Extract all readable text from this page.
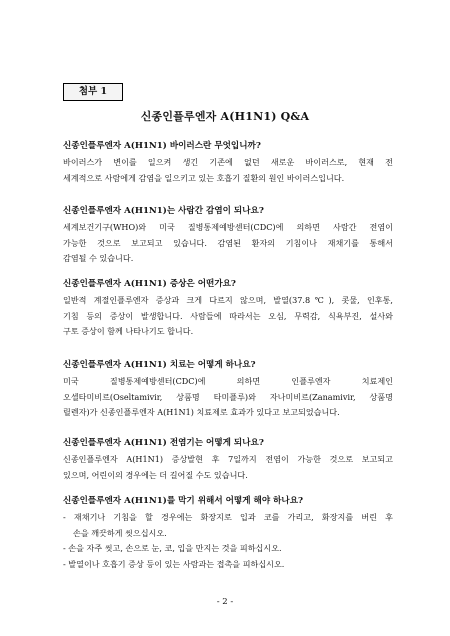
첨부 1
신종인플루엔자 A(H1N1) Q&A

신종인플루엔자 A(H1N1) 바이러스란 무엇입니까?

바이러스가 변이를 일으켜 생긴 기존에 없던 새로운 바이러스로, 현재 전
세계적으로 사람에게 감염을 일으키고 있는 호흡기 질환의 원인 바이러스입니다.

신종인플루엔자 A(H1N1)는 사람간 감염이 되나요?

세계보건기구(WHO)와 미국 질병통제예방센터(CDC)에 의하면 사람간 전염이
가능한 것으로 보고되고 있습니다. 감염된 환자의 기침이나 재채기를 통해서
감염될 수 있습니다.

신종인플루엔자 A(H1N1) 증상은 어떤가요?

일반적 계절인플루엔자 증상과 크게 다르지 않으며, 발열(37.8℃), 콧물, 인후통,
기침 등의 증상이 발생합니다. 사람들에 따라서는 오심, 무력감, 식욕부진, 설사와
구토 증상이 함께 나타나기도 합니다.

신종인플루엔자 A(H1N1) 치료는 어떻게 하나요?

미국 질병통제예방센터(CDC)에 의하면 인플루엔자 치료제인
오셀타미비르(Oseltamivir, 상품명 타미플루)와 자나미비르(Zanamivir, 상품명
릴렌자)가 신종인플루엔자 A(H1N1) 치료제로 효과가 있다고 보고되었습니다.

신종인플루엔자 A(H1N1) 전염기는 어떻게 되나요?

신종인플루엔자 A(H1N1) 증상발현 후 7일까지 전염이 가능한 것으로 보고되고
있으며, 어린이의 경우에는 더 길어질 수도 있습니다.

신종인플루엔자 A(H1N1)를 막기 위해서 어떻게 해야 하나요?

- 재채기나 기침을 할 경우에는 화장지로 입과 코를 가리고, 화장지를 버린 후
손을 깨끗하게 씻으십시오.
- 손을 자주 씻고, 손으로 눈, 코, 입을 만지는 것을 피하십시오.
- 발열이나 호흡기 증상 등이 있는 사람과는 접촉을 피하십시오.
- 2 -
